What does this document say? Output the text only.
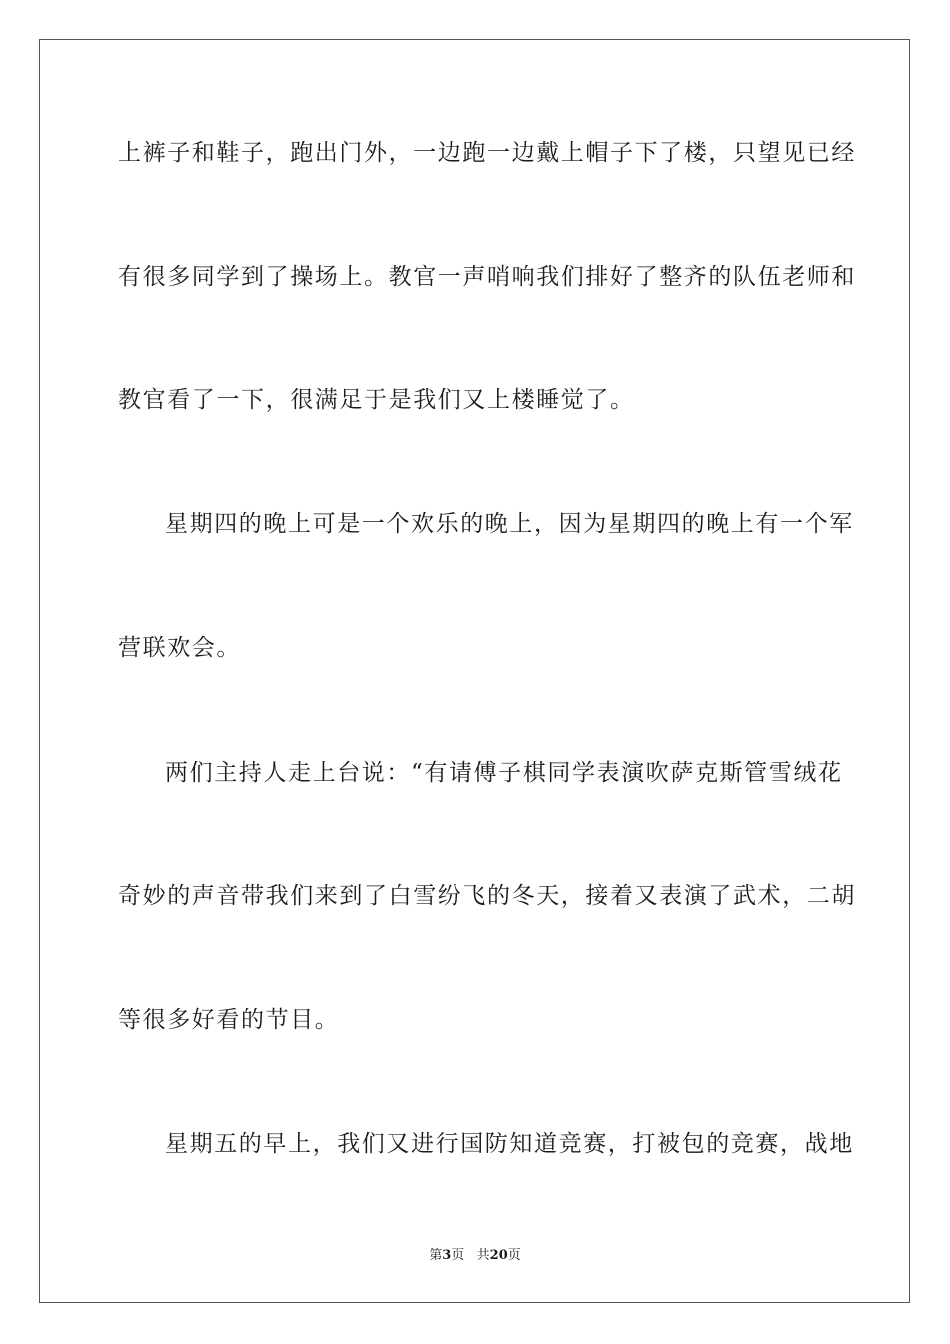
上裤子和鞋子，跑出门外，一边跑一边戴上帽子下了楼，只望见已经

有很多同学到了操场上。教官一声哨响我们排好了整齐的队伍老师和

教官看了一下，很满足于是我们又上楼睡觉了。

星期四的晚上可是一个欢乐的晚上，因为星期四的晚上有一个军

营联欢会。

两们主持人走上台说：“有请傅子棋同学表演吹萨克斯管雪绒花

奇妙的声音带我们来到了白雪纷飞的冬天，接着又表演了武术，二胡

等很多好看的节目。

星期五的早上，我们又进行国防知道竞赛，打被包的竞赛，战地

第3页   共20页
